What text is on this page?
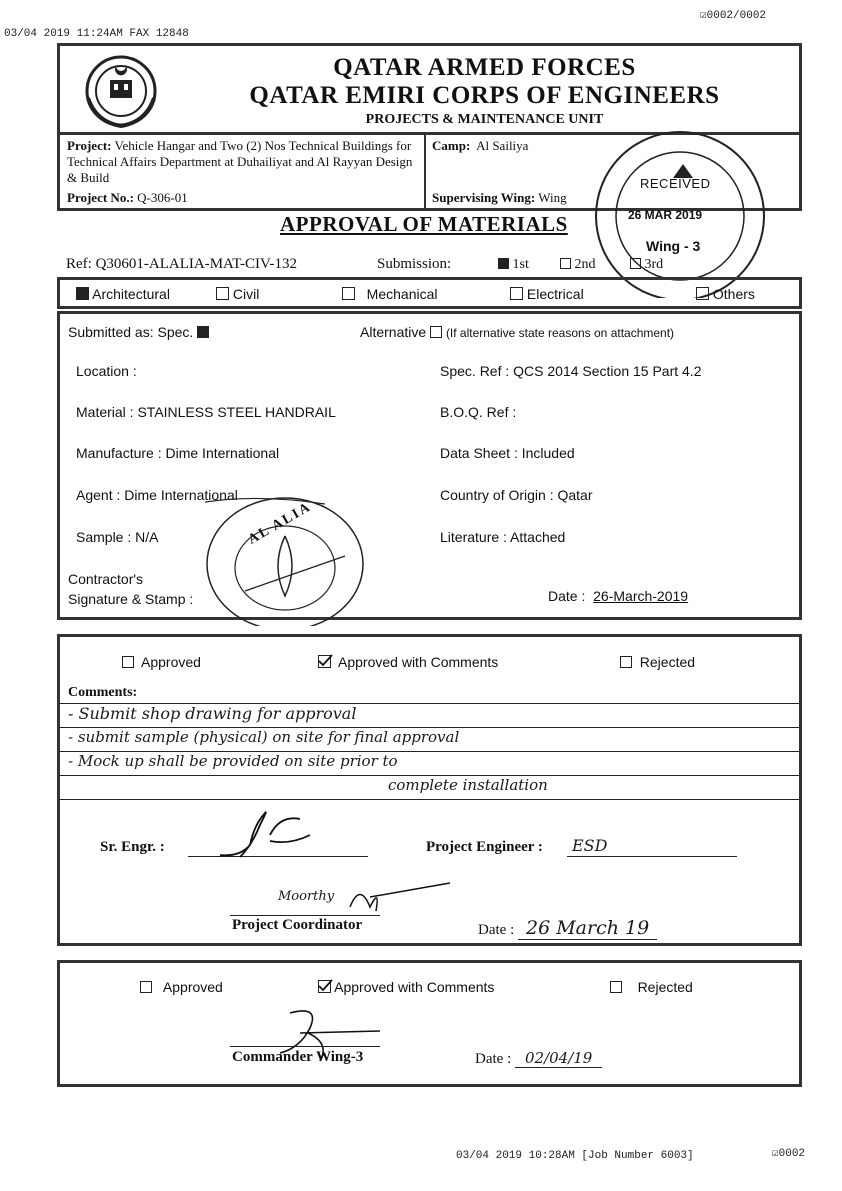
☑0002/0002
03/04 2019 11:24AM FAX 12848
QATAR ARMED FORCES
QATAR EMIRI CORPS OF ENGINEERS
PROJECTS & MAINTENANCE UNIT
Project: Vehicle Hangar and Two (2) Nos Technical Buildings for Technical Affairs Department at Duhailiyat and Al Rayyan Design & Build
Project No.: Q-306-01
Camp: Al Sailiya
Supervising Wing: Wing
RECEIVED
26 MAR 2019
Wing - 3
APPROVAL OF MATERIALS
Ref: Q30601-ALALIA-MAT-CIV-132	Submission:	1st	2nd	3rd
Architectural	Civil	Mechanical	Electrical	Others
Submitted as: Spec.	Alternative (If alternative state reasons on attachment)
Location :	Spec. Ref : QCS 2014 Section 15 Part 4.2
Material : STAINLESS STEEL HANDRAIL	B.O.Q. Ref :
Manufacture : Dime International	Data Sheet : Included
Agent : Dime International	Country of Origin : Qatar
Sample : N/A	Literature : Attached
Contractor's
Signature & Stamp :	Date : 26-March-2019
AL ALIA
Approved	Approved with Comments	Rejected
Comments:
- Submit shop drawing for approval
- submit sample (physical) on site for final approval
- Mock up shall be provided on site prior to
complete installation
Sr. Engr. :	Project Engineer : ESD
Moorthy
Project Coordinator	Date : 26 March 19
Approved	Approved with Comments	Rejected
Commander Wing-3	Date : 02/04/19
03/04 2019 10:28AM [Job Number 6003]	☑0002
